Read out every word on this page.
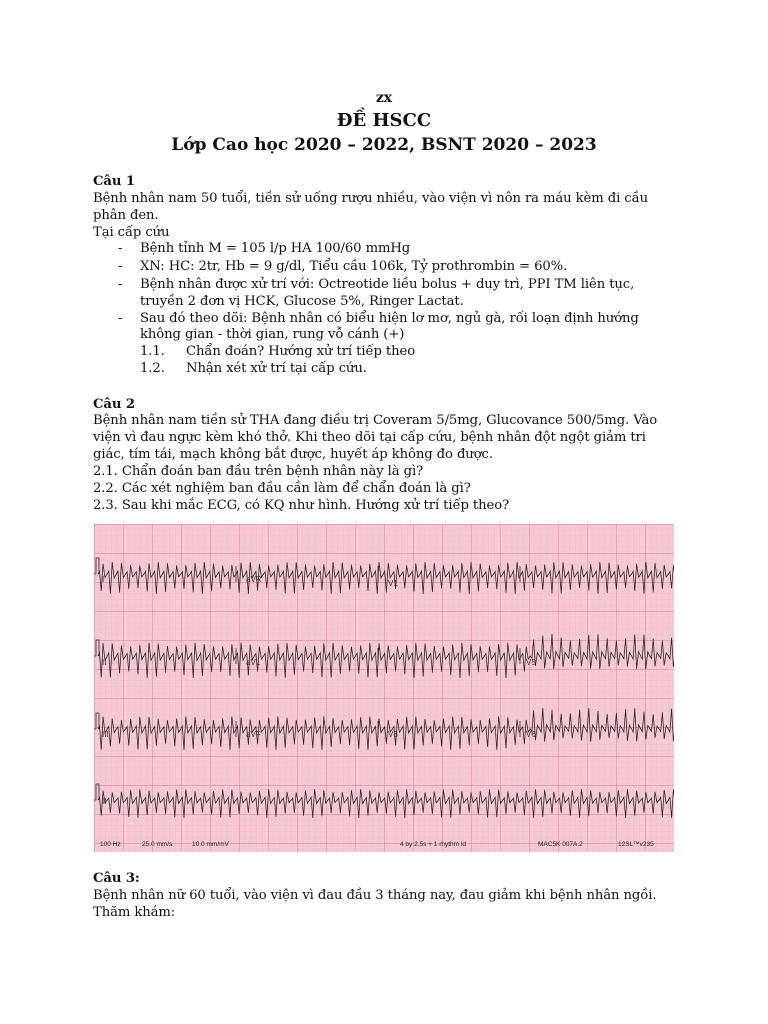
zx
ĐỀ HSCC
Lớp Cao học 2020 – 2022, BSNT 2020 – 2023
Câu 1
Bệnh nhân nam 50 tuổi, tiền sử uống rượu nhiều, vào viện vì nôn ra máu kèm đi cầu
phân đen.
Tại cấp cứu
- Bệnh tỉnh M = 105 l/p HA 100/60 mmHg
- XN: HC: 2tr, Hb = 9 g/dl, Tiểu cầu 106k, Tỷ prothrombin = 60%.
- Bệnh nhân được xử trí với: Octreotide liều bolus + duy trì, PPI TM liên tục,
truyền 2 đơn vị HCK, Glucose 5%, Ringer Lactat.
- Sau đó theo dõi: Bệnh nhân có biểu hiện lơ mơ, ngủ gà, rối loạn định hướng
không gian - thời gian, rung vỗ cánh (+)
1.1. Chẩn đoán? Hướng xử trí tiếp theo
1.2. Nhận xét xử trí tại cấp cứu.
Câu 2
Bệnh nhân nam tiền sử THA đang điều trị Coveram 5/5mg, Glucovance 500/5mg. Vào
viện vì đau ngực kèm khó thở. Khi theo dõi tại cấp cứu, bệnh nhân đột ngột giảm tri
giác, tím tái, mạch không bắt được, huyết áp không đo được.
2.1. Chẩn đoán ban đầu trên bệnh nhân này là gì?
2.2. Các xét nghiệm ban đầu cần làm để chẩn đoán là gì?
2.3. Sau khi mắc ECG, có KQ như hình. Hướng xử trí tiếp theo?
I	aVR	V1
II	aVL	V5
III	aVF	V3	V6
II
100 Hz	25.0 mm/s	10.0 mm/mV	4 by 2.5s + 1 rhythm ld	MAC5K 007A.2	12SL™v235
Câu 3:
Bệnh nhân nữ 60 tuổi, vào viện vì đau đầu 3 tháng nay, đau giảm khi bệnh nhân ngồi.
Thăm khám:
